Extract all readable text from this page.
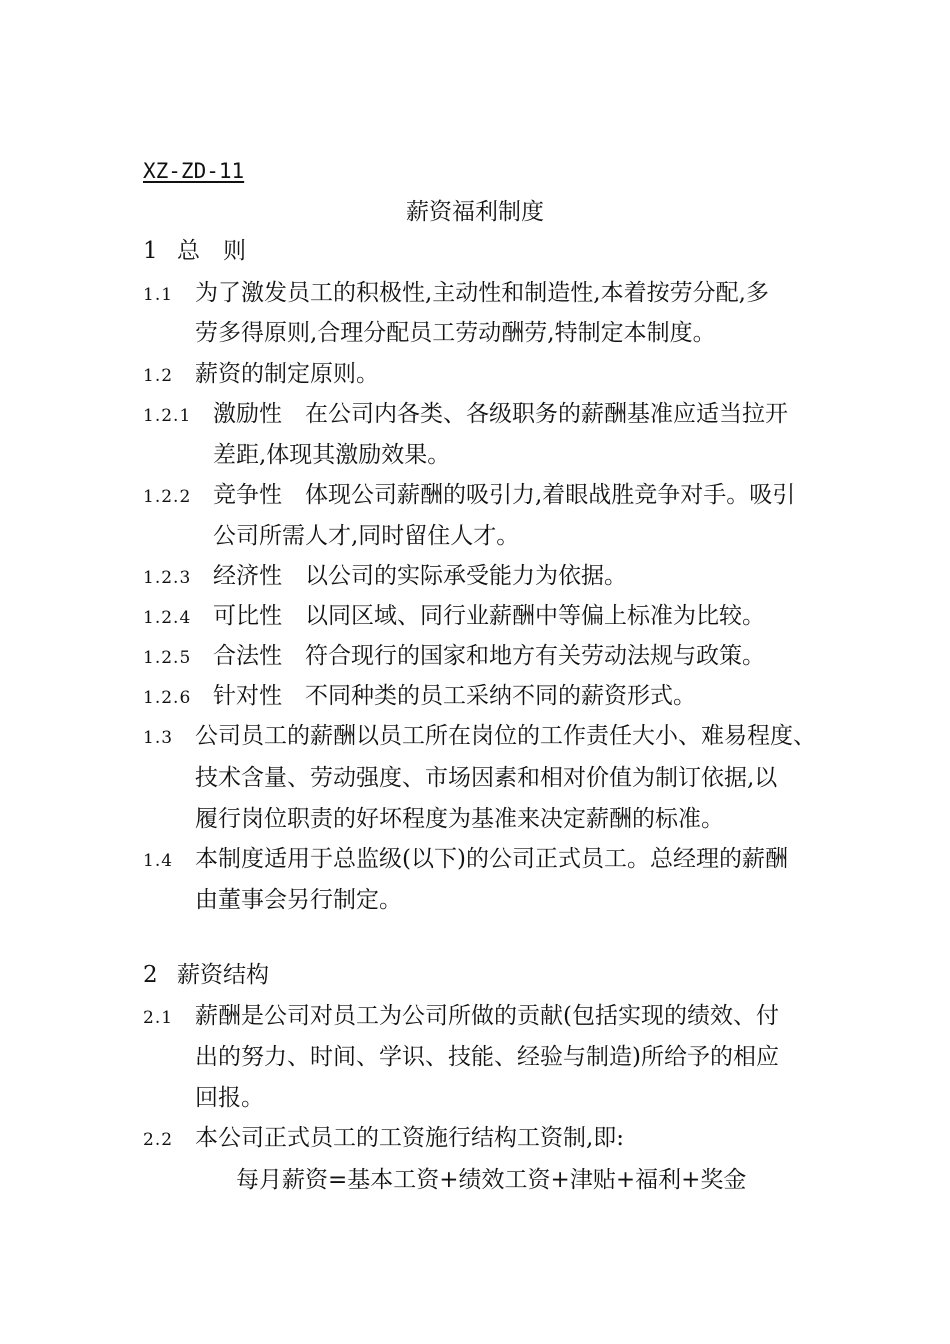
XZ-ZD-11
薪资福利制度
1 总　则
1.1 为了激发员工的积极性,主动性和制造性,本着按劳分配,多
劳多得原则,合理分配员工劳动酬劳,特制定本制度。
1.2 薪资的制定原则。
1.2.1 激励性　在公司内各类、各级职务的薪酬基准应适当拉开
差距,体现其激励效果。
1.2.2 竞争性　体现公司薪酬的吸引力,着眼战胜竞争对手。吸引
公司所需人才,同时留住人才。
1.2.3 经济性　以公司的实际承受能力为依据。
1.2.4 可比性　以同区域、同行业薪酬中等偏上标准为比较。
1.2.5 合法性　符合现行的国家和地方有关劳动法规与政策。
1.2.6 针对性　不同种类的员工采纳不同的薪资形式。
1.3 公司员工的薪酬以员工所在岗位的工作责任大小、难易程度、
技术含量、劳动强度、市场因素和相对价值为制订依据,以
履行岗位职责的好坏程度为基准来决定薪酬的标准。
1.4 本制度适用于总监级(以下)的公司正式员工。总经理的薪酬
由董事会另行制定。
2 薪资结构
2.1 薪酬是公司对员工为公司所做的贡献(包括实现的绩效、付
出的努力、时间、学识、技能、经验与制造)所给予的相应
回报。
2.2 本公司正式员工的工资施行结构工资制,即:
每月薪资=基本工资+绩效工资+津贴+福利+奖金
